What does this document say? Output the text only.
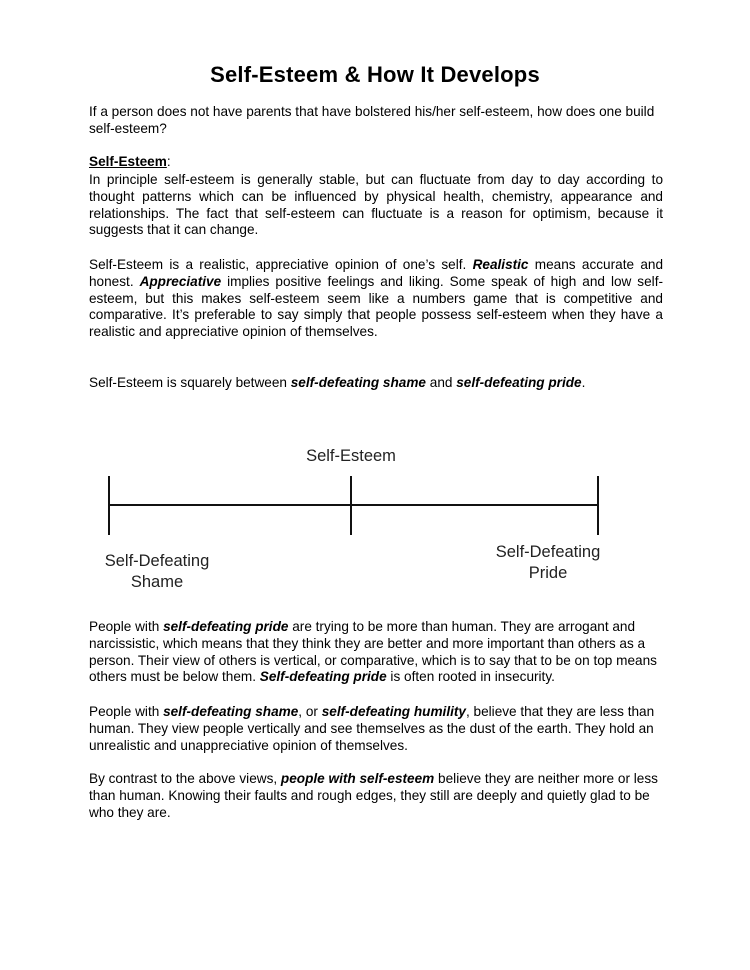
Self-Esteem & How It Develops
If a person does not have parents that have bolstered his/her self-esteem, how does one build self-esteem?
Self-Esteem:
In principle self-esteem is generally stable, but can fluctuate from day to day according to thought patterns which can be influenced by physical health, chemistry, appearance and relationships. The fact that self-esteem can fluctuate is a reason for optimism, because it suggests that it can change.
Self-Esteem is a realistic, appreciative opinion of one’s self. Realistic means accurate and honest. Appreciative implies positive feelings and liking. Some speak of high and low self-esteem, but this makes self-esteem seem like a numbers game that is competitive and comparative. It’s preferable to say simply that people possess self-esteem when they have a realistic and appreciative opinion of themselves.
Self-Esteem is squarely between self-defeating shame and self-defeating pride.
Self-Esteem
Self-Defeating
Shame
Self-Defeating
Pride
People with self-defeating pride are trying to be more than human. They are arrogant and narcissistic, which means that they think they are better and more important than others as a person. Their view of others is vertical, or comparative, which is to say that to be on top means others must be below them. Self-defeating pride is often rooted in insecurity.
People with self-defeating shame, or self-defeating humility, believe that they are less than human. They view people vertically and see themselves as the dust of the earth. They hold an unrealistic and unappreciative opinion of themselves.
By contrast to the above views, people with self-esteem believe they are neither more or less than human. Knowing their faults and rough edges, they still are deeply and quietly glad to be who they are.
